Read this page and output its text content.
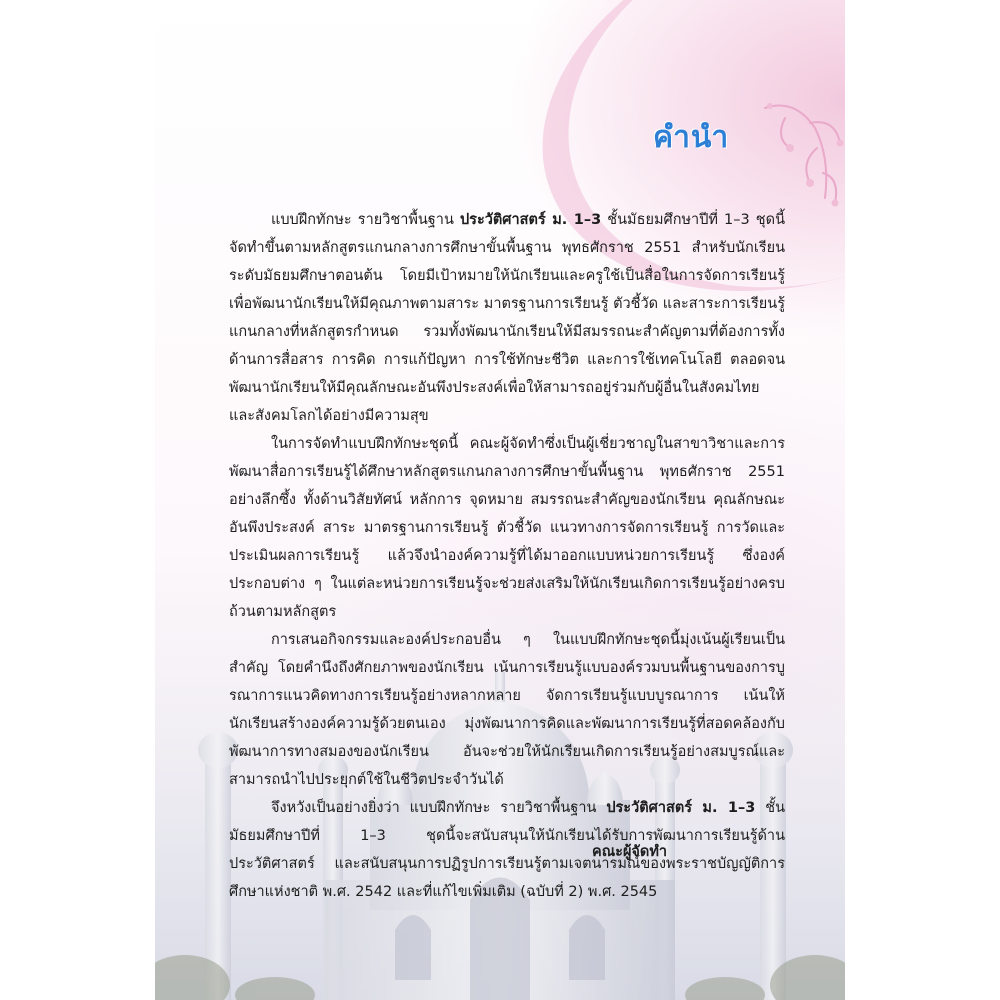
คำนำ

แบบฝึกทักษะ รายวิชาพื้นฐาน ประวัติศาสตร์ ม. 1–3 ชั้นมัธยมศึกษาปีที่ 1–3 ชุดนี้จัดทำขึ้นตามหลักสูตรแกนกลางการศึกษาขั้นพื้นฐาน พุทธศักราช 2551 สำหรับนักเรียนระดับมัธยมศึกษาตอนต้น โดยมีเป้าหมายให้นักเรียนและครูใช้เป็นสื่อในการจัดการเรียนรู้ เพื่อพัฒนานักเรียนให้มีคุณภาพตามสาระ มาตรฐานการเรียนรู้ ตัวชี้วัด และสาระการเรียนรู้แกนกลางที่หลักสูตรกำหนด รวมทั้งพัฒนานักเรียนให้มีสมรรถนะสำคัญตามที่ต้องการทั้งด้านการสื่อสาร การคิด การแก้ปัญหา การใช้ทักษะชีวิต และการใช้เทคโนโลยี ตลอดจนพัฒนานักเรียนให้มีคุณลักษณะอันพึงประสงค์เพื่อให้สามารถอยู่ร่วมกับผู้อื่นในสังคมไทยและสังคมโลกได้อย่างมีความสุข

ในการจัดทำแบบฝึกทักษะชุดนี้ คณะผู้จัดทำซึ่งเป็นผู้เชี่ยวชาญในสาขาวิชาและการพัฒนาสื่อการเรียนรู้ได้ศึกษาหลักสูตรแกนกลางการศึกษาขั้นพื้นฐาน พุทธศักราช 2551 อย่างลึกซึ้ง ทั้งด้านวิสัยทัศน์ หลักการ จุดหมาย สมรรถนะสำคัญของนักเรียน คุณลักษณะอันพึงประสงค์ สาระ มาตรฐานการเรียนรู้ ตัวชี้วัด แนวทางการจัดการเรียนรู้ การวัดและประเมินผลการเรียนรู้ แล้วจึงนำองค์ความรู้ที่ได้มาออกแบบหน่วยการเรียนรู้ ซึ่งองค์ประกอบต่าง ๆ ในแต่ละหน่วยการเรียนรู้จะช่วยส่งเสริมให้นักเรียนเกิดการเรียนรู้อย่างครบถ้วนตามหลักสูตร

การเสนอกิจกรรมและองค์ประกอบอื่น ๆ ในแบบฝึกทักษะชุดนี้มุ่งเน้นผู้เรียนเป็นสำคัญ โดยคำนึงถึงศักยภาพของนักเรียน เน้นการเรียนรู้แบบองค์รวมบนพื้นฐานของการบูรณาการแนวคิดทางการเรียนรู้อย่างหลากหลาย จัดการเรียนรู้แบบบูรณาการ เน้นให้นักเรียนสร้างองค์ความรู้ด้วยตนเอง มุ่งพัฒนาการคิดและพัฒนาการเรียนรู้ที่สอดคล้องกับพัฒนาการทางสมองของนักเรียน อันจะช่วยให้นักเรียนเกิดการเรียนรู้อย่างสมบูรณ์และสามารถนำไปประยุกต์ใช้ในชีวิตประจำวันได้

จึงหวังเป็นอย่างยิ่งว่า แบบฝึกทักษะ รายวิชาพื้นฐาน ประวัติศาสตร์ ม. 1–3 ชั้นมัธยมศึกษาปีที่ 1–3 ชุดนี้จะสนับสนุนให้นักเรียนได้รับการพัฒนาการเรียนรู้ด้านประวัติศาสตร์ และสนับสนุนการปฏิรูปการเรียนรู้ตามเจตนารมณ์ของพระราชบัญญัติการศึกษาแห่งชาติ พ.ศ. 2542 และที่แก้ไขเพิ่มเติม (ฉบับที่ 2) พ.ศ. 2545

คณะผู้จัดทำ
